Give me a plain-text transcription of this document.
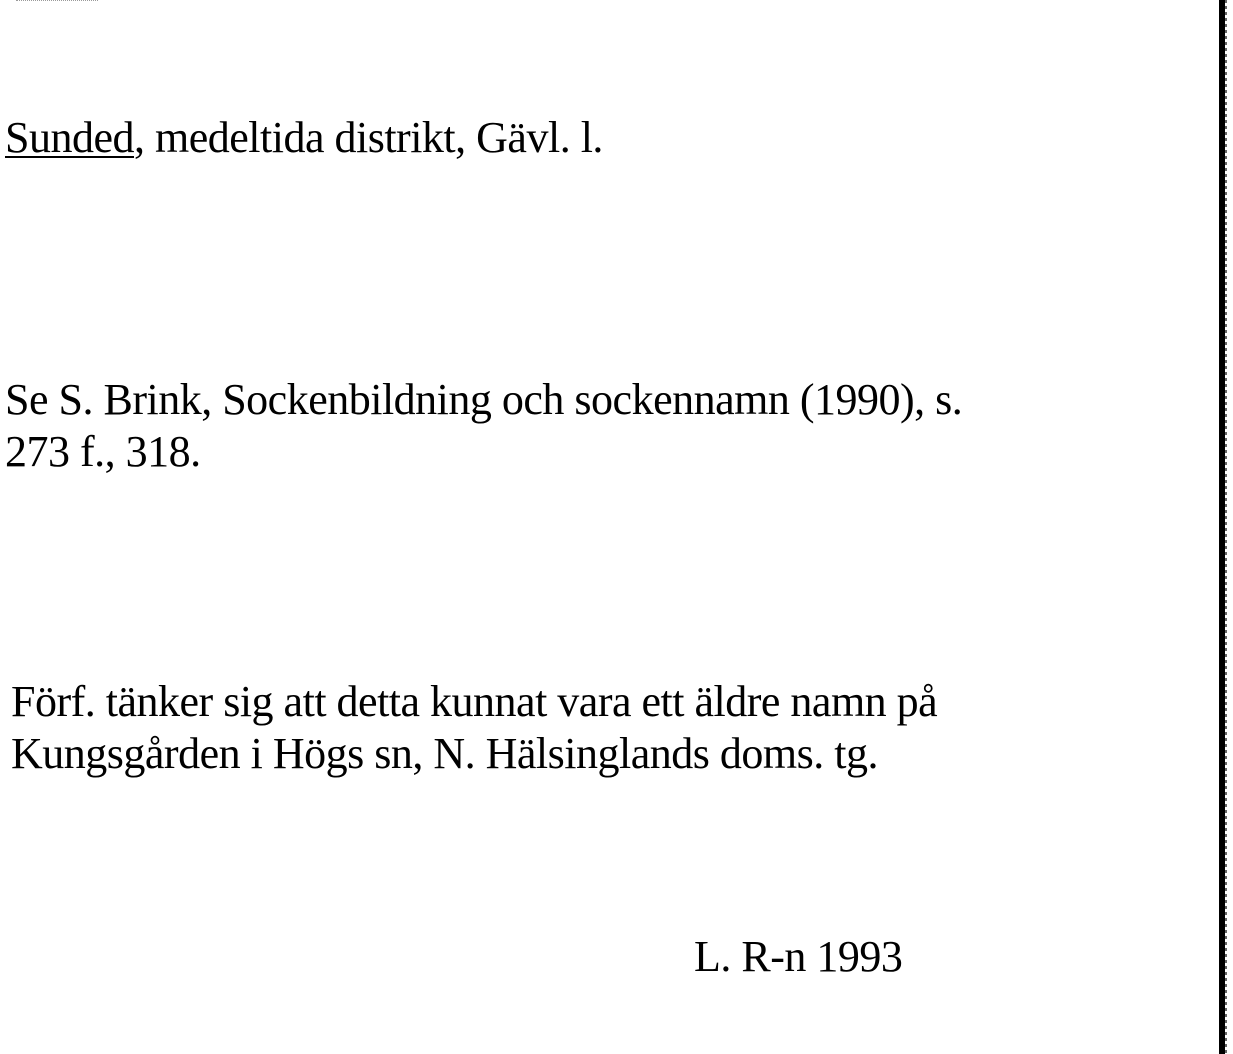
Sunded, medeltida distrikt, Gävl. l.
Se S. Brink, Sockenbildning och sockennamn (1990), s.
273 f., 318.
Förf. tänker sig att detta kunnat vara ett äldre namn på
Kungsgården i Högs sn, N. Hälsinglands doms. tg.
L. R-n 1993
